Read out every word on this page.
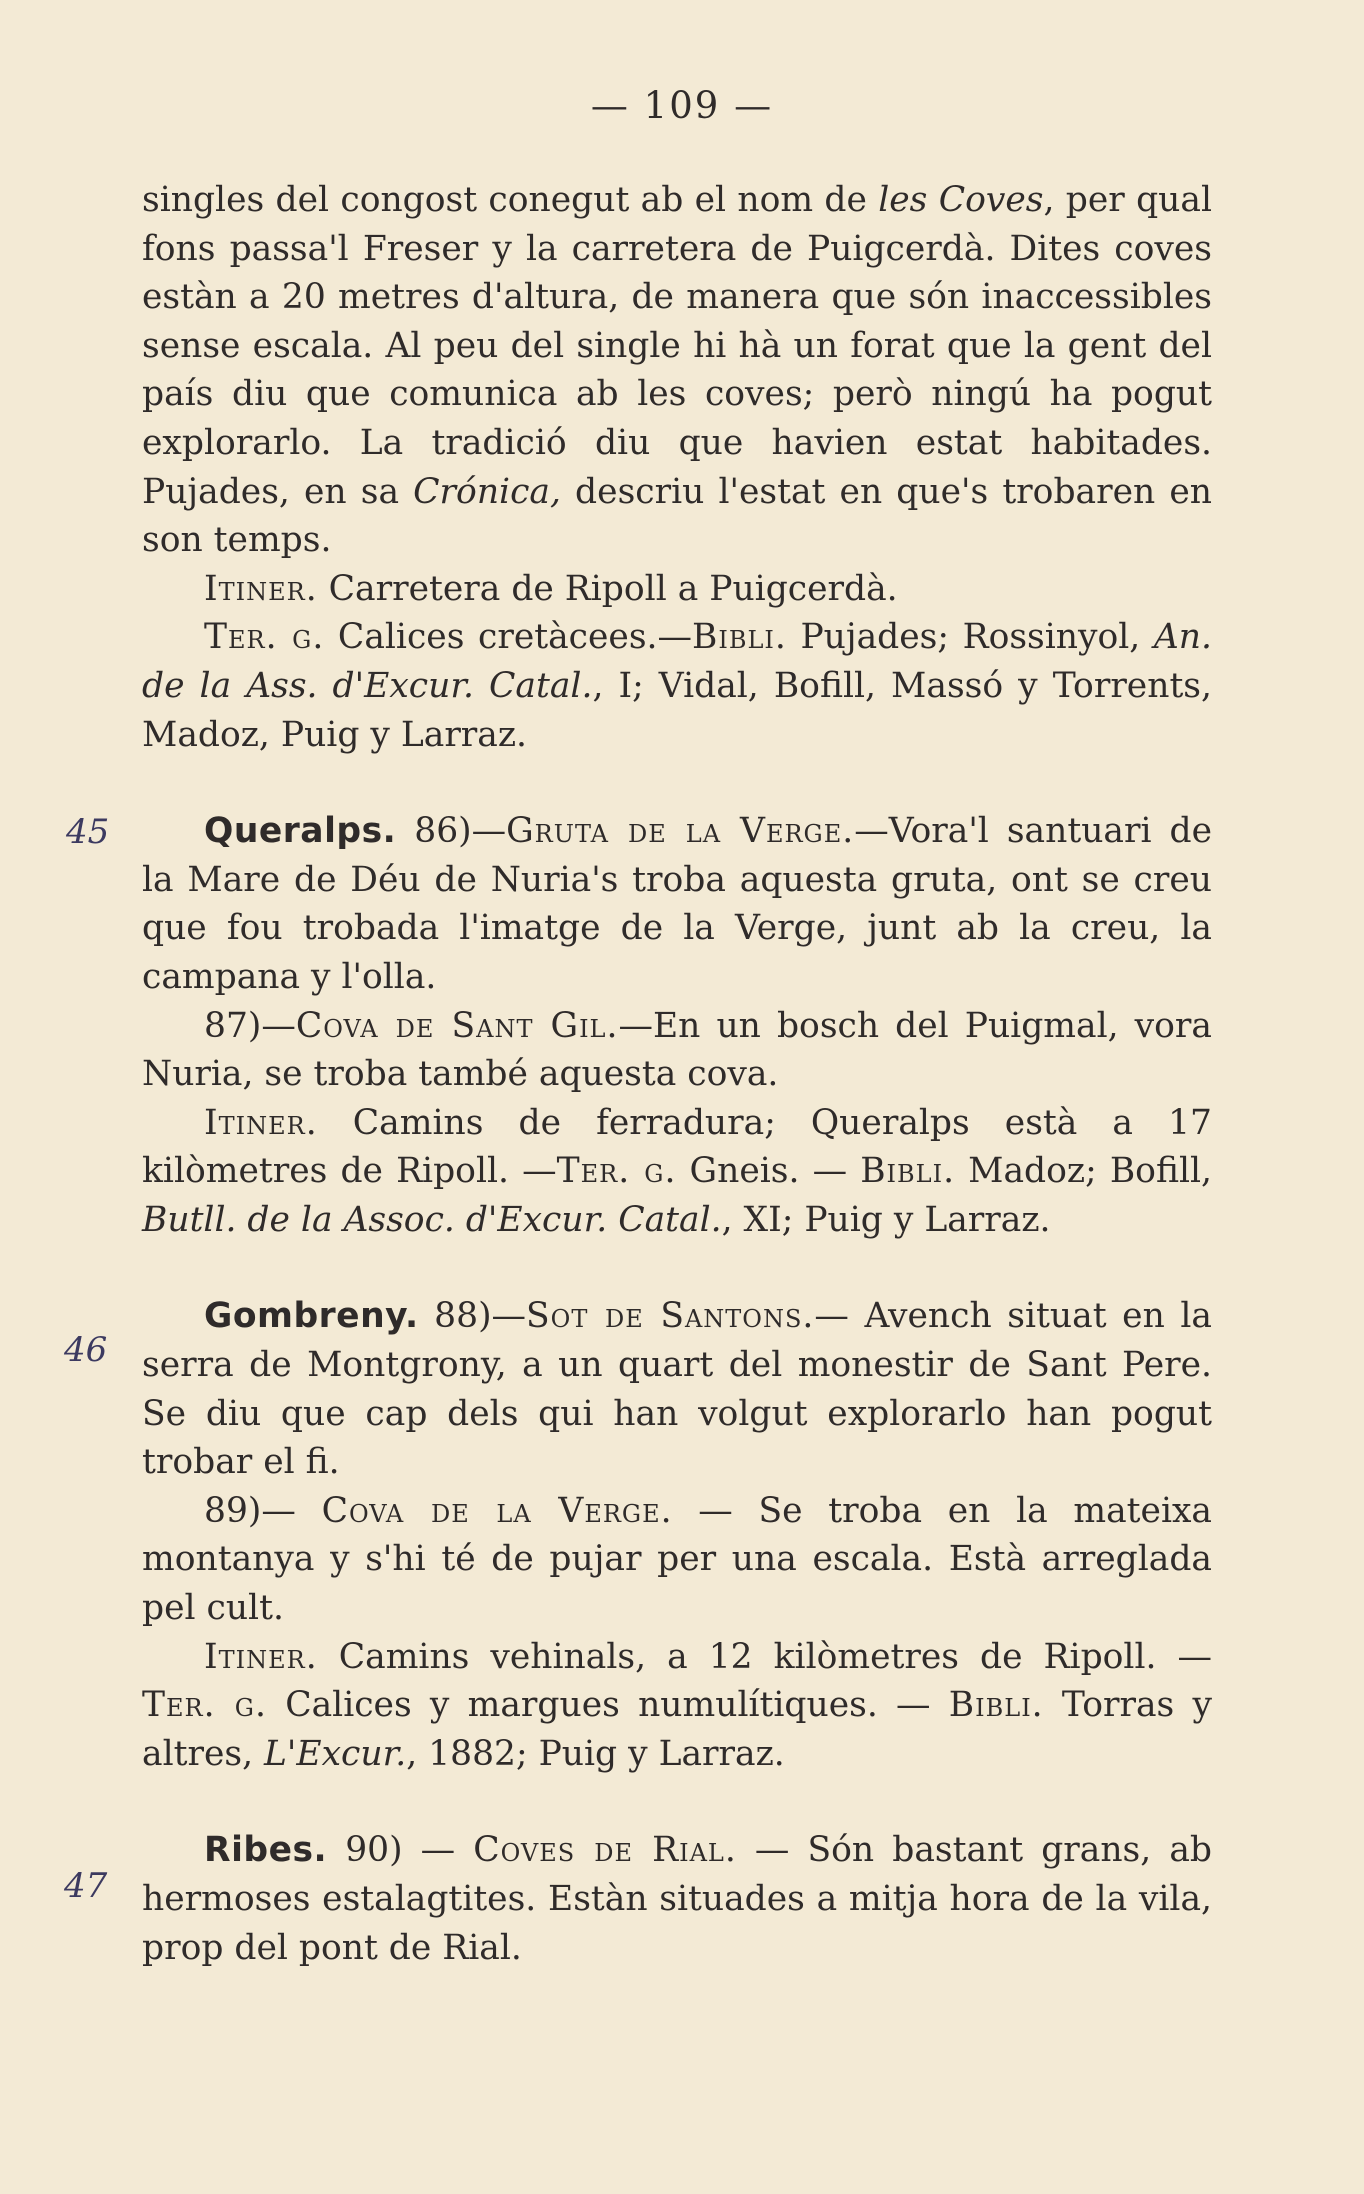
— 109 —
45
46
47

singles del congost conegut ab el nom de les Coves, per qual fons passa'l Freser y la carretera de Puigcerdà. Dites coves estàn a 20 metres d'altura, de manera que són inaccessibles sense escala. Al peu del single hi hà un forat que la gent del país diu que comunica ab les coves; però ningú ha pogut explorarlo. La tradició diu que havien estat habitades. Pujades, en sa Crónica, descriu l'estat en que's trobaren en son temps.

Itiner. Carretera de Ripoll a Puigcerdà.

Ter. g. Calices cretàcees.—Bibli. Pujades; Rossinyol, An. de la Ass. d'Excur. Catal., I; Vidal, Bofill, Massó y Torrents, Madoz, Puig y Larraz.

Queralps. 86)—Gruta de la Verge.—Vora'l santuari de la Mare de Déu de Nuria's troba aquesta gruta, ont se creu que fou trobada l'imatge de la Verge, junt ab la creu, la campana y l'olla.

87)—Cova de Sant Gil.—En un bosch del Puigmal, vora Nuria, se troba també aquesta cova.

Itiner. Camins de ferradura; Queralps està a 17 kilòmetres de Ripoll. —Ter. g. Gneis. — Bibli. Madoz; Bofill, Butll. de la Assoc. d'Excur. Catal., XI; Puig y Larraz.

Gombreny. 88)—Sot de Santons.— Avench situat en la serra de Montgrony, a un quart del monestir de Sant Pere. Se diu que cap dels qui han volgut explorarlo han pogut trobar el fi.

89)— Cova de la Verge. — Se troba en la mateixa montanya y s'hi té de pujar per una escala. Està arreglada pel cult.

Itiner. Camins vehinals, a 12 kilòmetres de Ripoll. — Ter. g. Calices y margues numulítiques. — Bibli. Torras y altres, L'Excur., 1882; Puig y Larraz.

Ribes. 90) — Coves de Rial. — Són bastant grans, ab hermoses estalagtites. Estàn situades a mitja hora de la vila, prop del pont de Rial.
